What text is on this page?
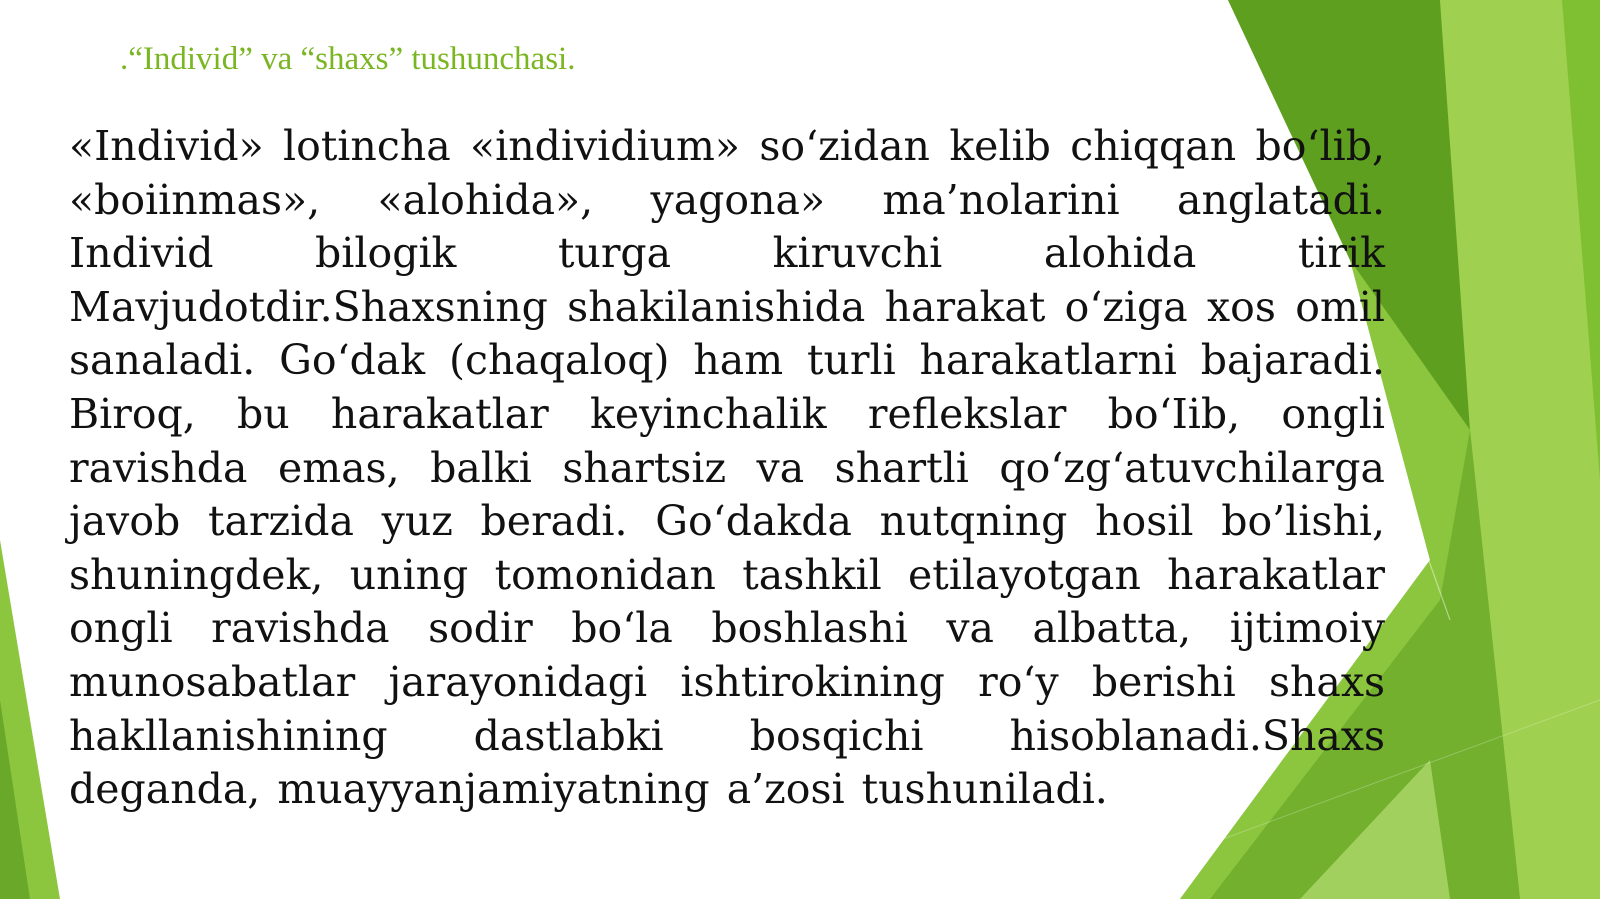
.“Individ” va “shaxs” tushunchasi.

«Individ» lotincha «individium» so‘zidan kelib chiqqan bo‘lib, «boiinmas», «alohida», yagona» ma’nolarini anglatadi. Individ bilogik turga kiruvchi alohida tirik Mavjudotdir.Shaxsning shakilanishida harakat o‘ziga xos omil sanaladi. Go‘dak (chaqaloq) ham turli harakatlarni bajaradi. Biroq, bu harakatlar keyinchalik reflekslar bo‘Iib, ongli ravishda emas, balki shartsiz va shartli qo‘zg‘atuvchilarga javob tarzida yuz beradi. Go‘dakda nutqning hosil bo’lishi, shuningdek, uning tomonidan tashkil etilayotgan harakatlar ongli ravishda sodir bo‘la boshlashi va albatta, ijtimoiy munosabatlar jarayonidagi ishtirokining ro‘y berishi shaxs hakllanishining dastlabki bosqichi hisoblanadi.Shaxs deganda, muayyanjamiyatning a’zosi tushuniladi.
